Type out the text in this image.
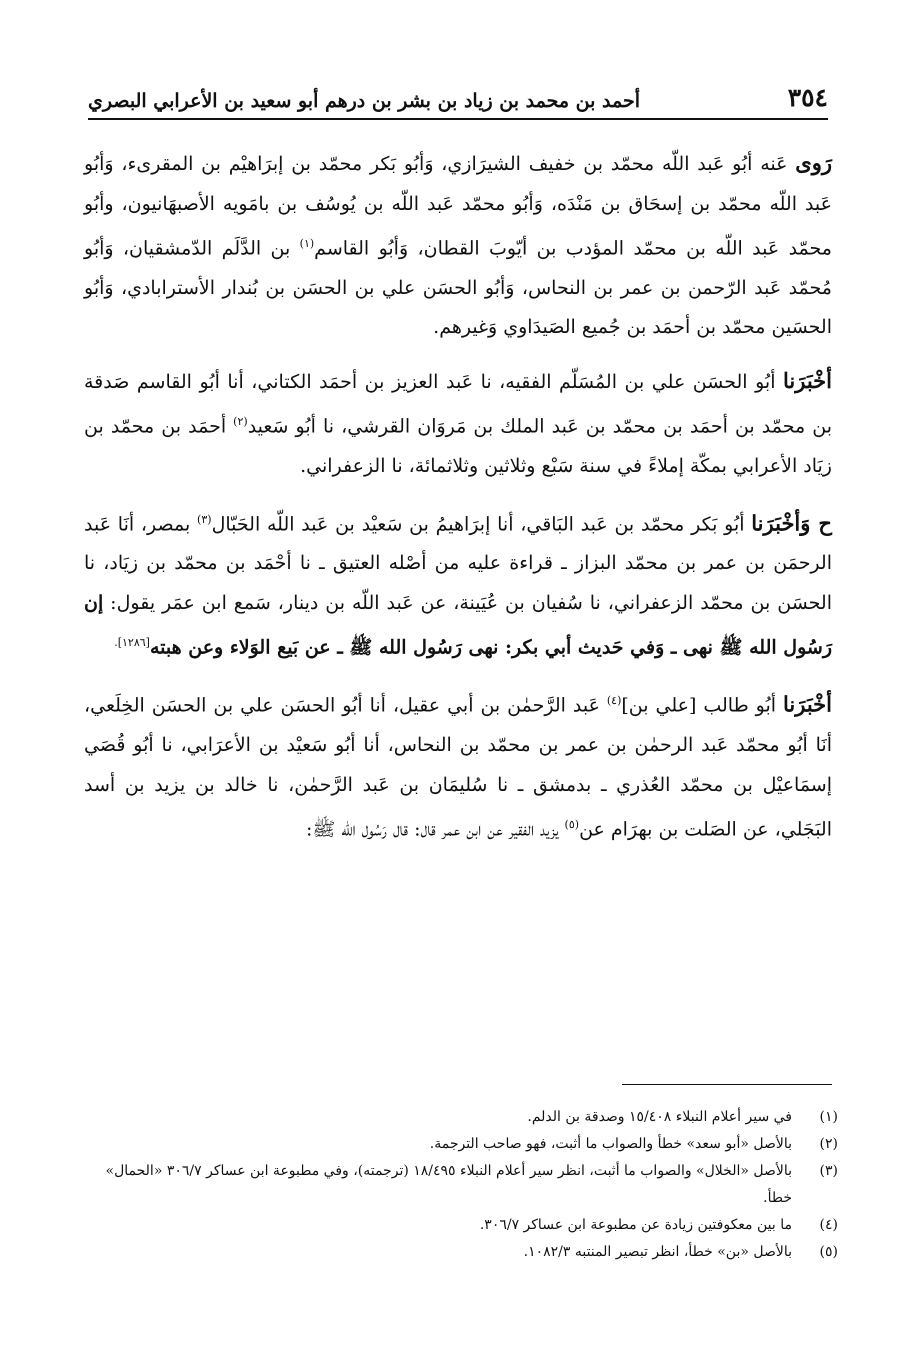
٣٥٤
أحمد بن محمد بن زياد بن بشر بن درهم أبو سعيد بن الأعرابي البصري

رَوى عَنه أبُو عَبد اللّه محمّد بن خفيف الشيرَازي، وَأبُو بَكر محمّد بن إبرَاهيْم بن المقرىء، وَأبُو عَبد اللّه محمّد بن إسحَاق بن مَنْدَه، وَأبُو محمّد عَبد اللّه بن يُوسُف بن بامَويه الأصبهَانيون، وأبُو محمّد عَبد اللّه بن محمّد المؤدب بن أيّوبَ القطان، وَأبُو القاسم$^{(١)}$ بن الدَّلَم الدّمشقيان، وَأبُو مُحمّد عَبد الرّحمن بن عمر بن النحاس، وَأبُو الحسَن علي بن الحسَن بن بُندار الأسترابادي، وَأبُو الحسَين محمّد بن أحمَد بن جُميع الصَيدَاوي وَغيرهم.

أخْبَرَنا أبُو الحسَن علي بن المُسَلّم الفقيه، نا عَبد العزيز بن أحمَد الكتاني، أنا أبُو القاسم صَدقة بن محمّد بن أحمَد بن محمّد بن عَبد الملك بن مَروَان القرشي، نا أبُو سَعيد$^{(٢)}$ أحمَد بن محمّد بن زيَاد الأعرابي بمكّة إملاءً في سنة سَبْع وثلاثين وثلاثمائة، نا الزعفراني.

ح وَأخْبَرَنا أبُو بَكر محمّد بن عَبد البَاقي، أنا إبرَاهيمُ بن سَعيْد بن عَبد اللّه الحَبّال$^{(٣)}$ بمصر، أنَا عَبد الرحمَن بن عمر بن محمّد البزاز ـ قراءة عليه من أصْله العتيق ـ نا أحْمَد بن محمّد بن زيَاد، نا الحسَن بن محمّد الزعفراني، نا سُفيان بن عُيَينة، عن عَبد اللّه بن دينار، سَمع ابن عمَر يقول: إن رَسُول الله ﷺ نهى ـ وَفي حَديث أبي بكر: نهى رَسُول الله ﷺ ـ عن بَيع الوَلاء وعن هبته$^{[١٢٨٦].}$

أخْبَرَنا أبُو طالب [علي بن]$^{(٤)}$ عَبد الرَّحمٰن بن أبي عقيل، أنا أبُو الحسَن علي بن الحسَن الخِلَعي، أنَا أبُو محمّد عَبد الرحمٰن بن عمر بن محمّد بن النحاس، أنا أبُو سَعيْد بن الأعرَابي، نا أبُو قُصَي إسمَاعيْل بن محمّد العُذري ـ بدمشق ـ نا سُليمَان بن عَبد الرَّحمٰن، نا خالد بن يزيد بن أسد البَجَلي، عن الصَلت بن بهرَام عن$^{(٥)}$ يزيد الفقير عن ابن عمر قال: قال رَسُول الله ﷺ:

(١)
في سير أعلام النبلاء ١٥/٤٠٨ وصدقة بن الدلم.
(٢)
بالأصل «أبو سعد» خطأ والصواب ما أثبت، فهو صاحب الترجمة.
(٣)
بالأصل «الخلال» والصواب ما أثبت، انظر سير أعلام النبلاء ١٨/٤٩٥ (ترجمته)، وفي مطبوعة ابن عساكر ٣٠٦/٧ «الحمال» خطأ.
(٤)
ما بين معكوفتين زيادة عن مطبوعة ابن عساكر ٣٠٦/٧.
(٥)
بالأصل «بن» خطأ، انظر تبصير المنتبه ١٠٨٢/٣.
